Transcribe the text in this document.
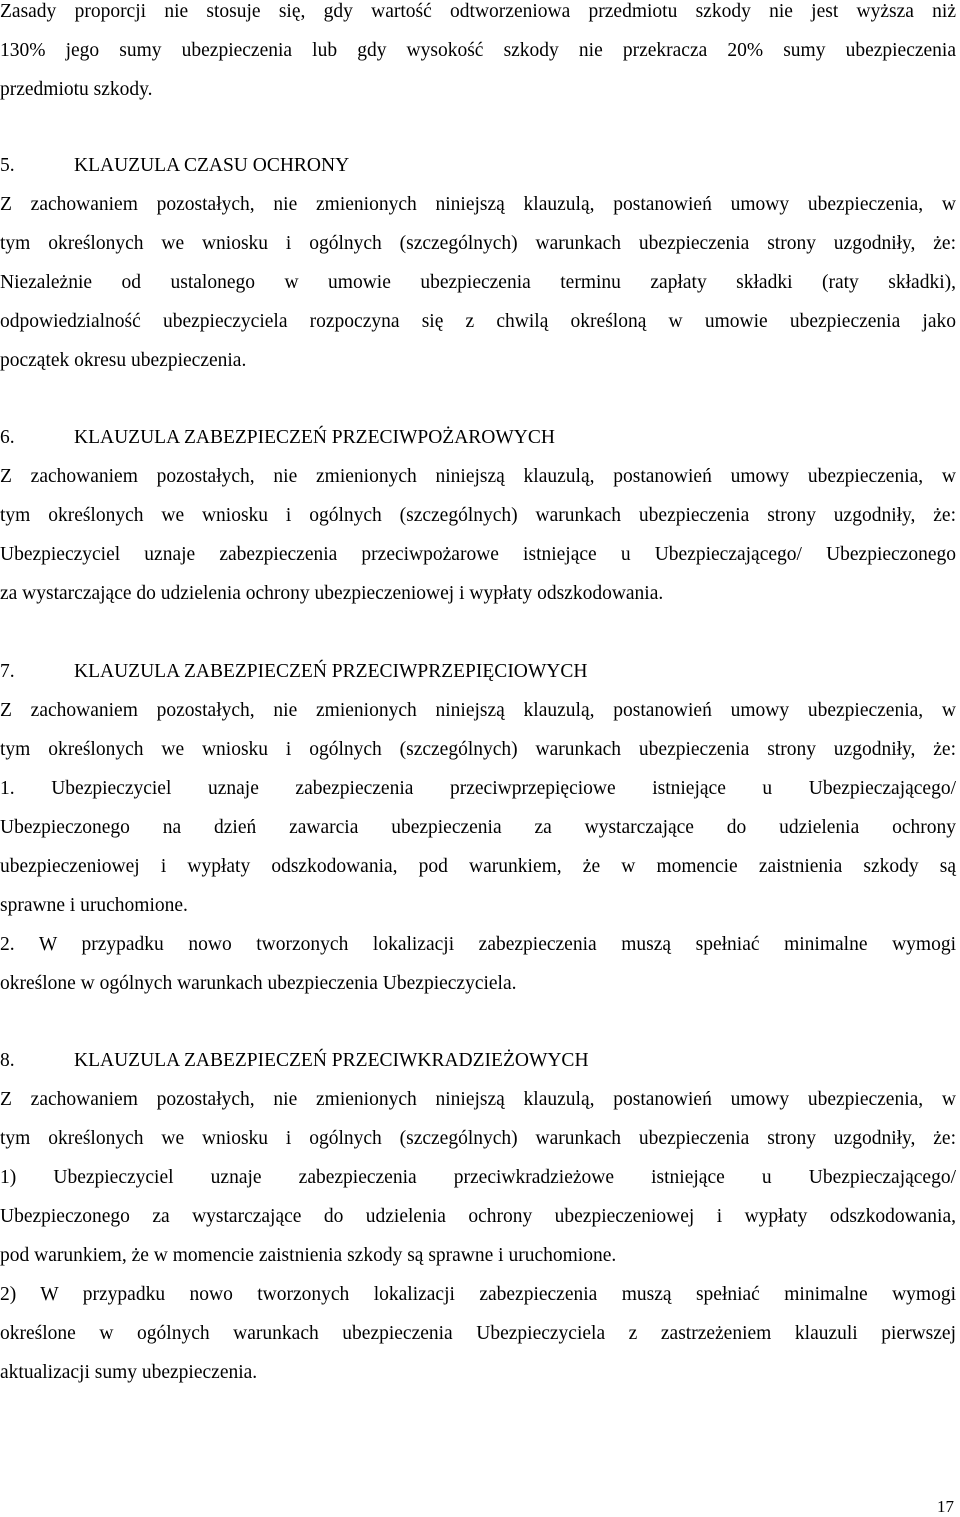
Zasady proporcji nie stosuje się, gdy wartość odtworzeniowa przedmiotu szkody nie jest wyższa niż
130% jego sumy ubezpieczenia lub gdy wysokość szkody nie przekracza 20% sumy ubezpieczenia
przedmiotu szkody.
5.	KLAUZULA CZASU OCHRONY
Z zachowaniem pozostałych, nie zmienionych niniejszą klauzulą, postanowień umowy ubezpieczenia, w
tym określonych we wniosku i ogólnych (szczególnych) warunkach ubezpieczenia strony uzgodniły, że:
Niezależnie od ustalonego w umowie ubezpieczenia terminu zapłaty składki (raty składki),
odpowiedzialność ubezpieczyciela rozpoczyna się z chwilą określoną w umowie ubezpieczenia jako
początek okresu ubezpieczenia.
6.	KLAUZULA ZABEZPIECZEŃ PRZECIWPOŻAROWYCH
Z zachowaniem pozostałych, nie zmienionych niniejszą klauzulą, postanowień umowy ubezpieczenia, w
tym określonych we wniosku i ogólnych (szczególnych) warunkach ubezpieczenia strony uzgodniły, że:
Ubezpieczyciel uznaje zabezpieczenia przeciwpożarowe istniejące u Ubezpieczającego/ Ubezpieczonego
za wystarczające do udzielenia ochrony ubezpieczeniowej i wypłaty odszkodowania.
7.	KLAUZULA ZABEZPIECZEŃ PRZECIWPRZEPIĘCIOWYCH
Z zachowaniem pozostałych, nie zmienionych niniejszą klauzulą, postanowień umowy ubezpieczenia, w
tym określonych we wniosku i ogólnych (szczególnych) warunkach ubezpieczenia strony uzgodniły, że:
1. Ubezpieczyciel uznaje zabezpieczenia przeciwprzepięciowe istniejące u Ubezpieczającego/
Ubezpieczonego na dzień zawarcia ubezpieczenia za wystarczające do udzielenia ochrony
ubezpieczeniowej i wypłaty odszkodowania, pod warunkiem, że w momencie zaistnienia szkody są
sprawne i uruchomione.
2. W przypadku nowo tworzonych lokalizacji zabezpieczenia muszą spełniać minimalne wymogi
określone w ogólnych warunkach ubezpieczenia Ubezpieczyciela.
8.	KLAUZULA ZABEZPIECZEŃ PRZECIWKRADZIEŻOWYCH
Z zachowaniem pozostałych, nie zmienionych niniejszą klauzulą, postanowień umowy ubezpieczenia, w
tym określonych we wniosku i ogólnych (szczególnych) warunkach ubezpieczenia strony uzgodniły, że:
1) Ubezpieczyciel uznaje zabezpieczenia przeciwkradzieżowe istniejące u Ubezpieczającego/
Ubezpieczonego za wystarczające do udzielenia ochrony ubezpieczeniowej i wypłaty odszkodowania,
pod warunkiem, że w momencie zaistnienia szkody są sprawne i uruchomione.
2) W przypadku nowo tworzonych lokalizacji zabezpieczenia muszą spełniać minimalne wymogi
określone w ogólnych warunkach ubezpieczenia Ubezpieczyciela z zastrzeżeniem klauzuli pierwszej
aktualizacji sumy ubezpieczenia.
17
